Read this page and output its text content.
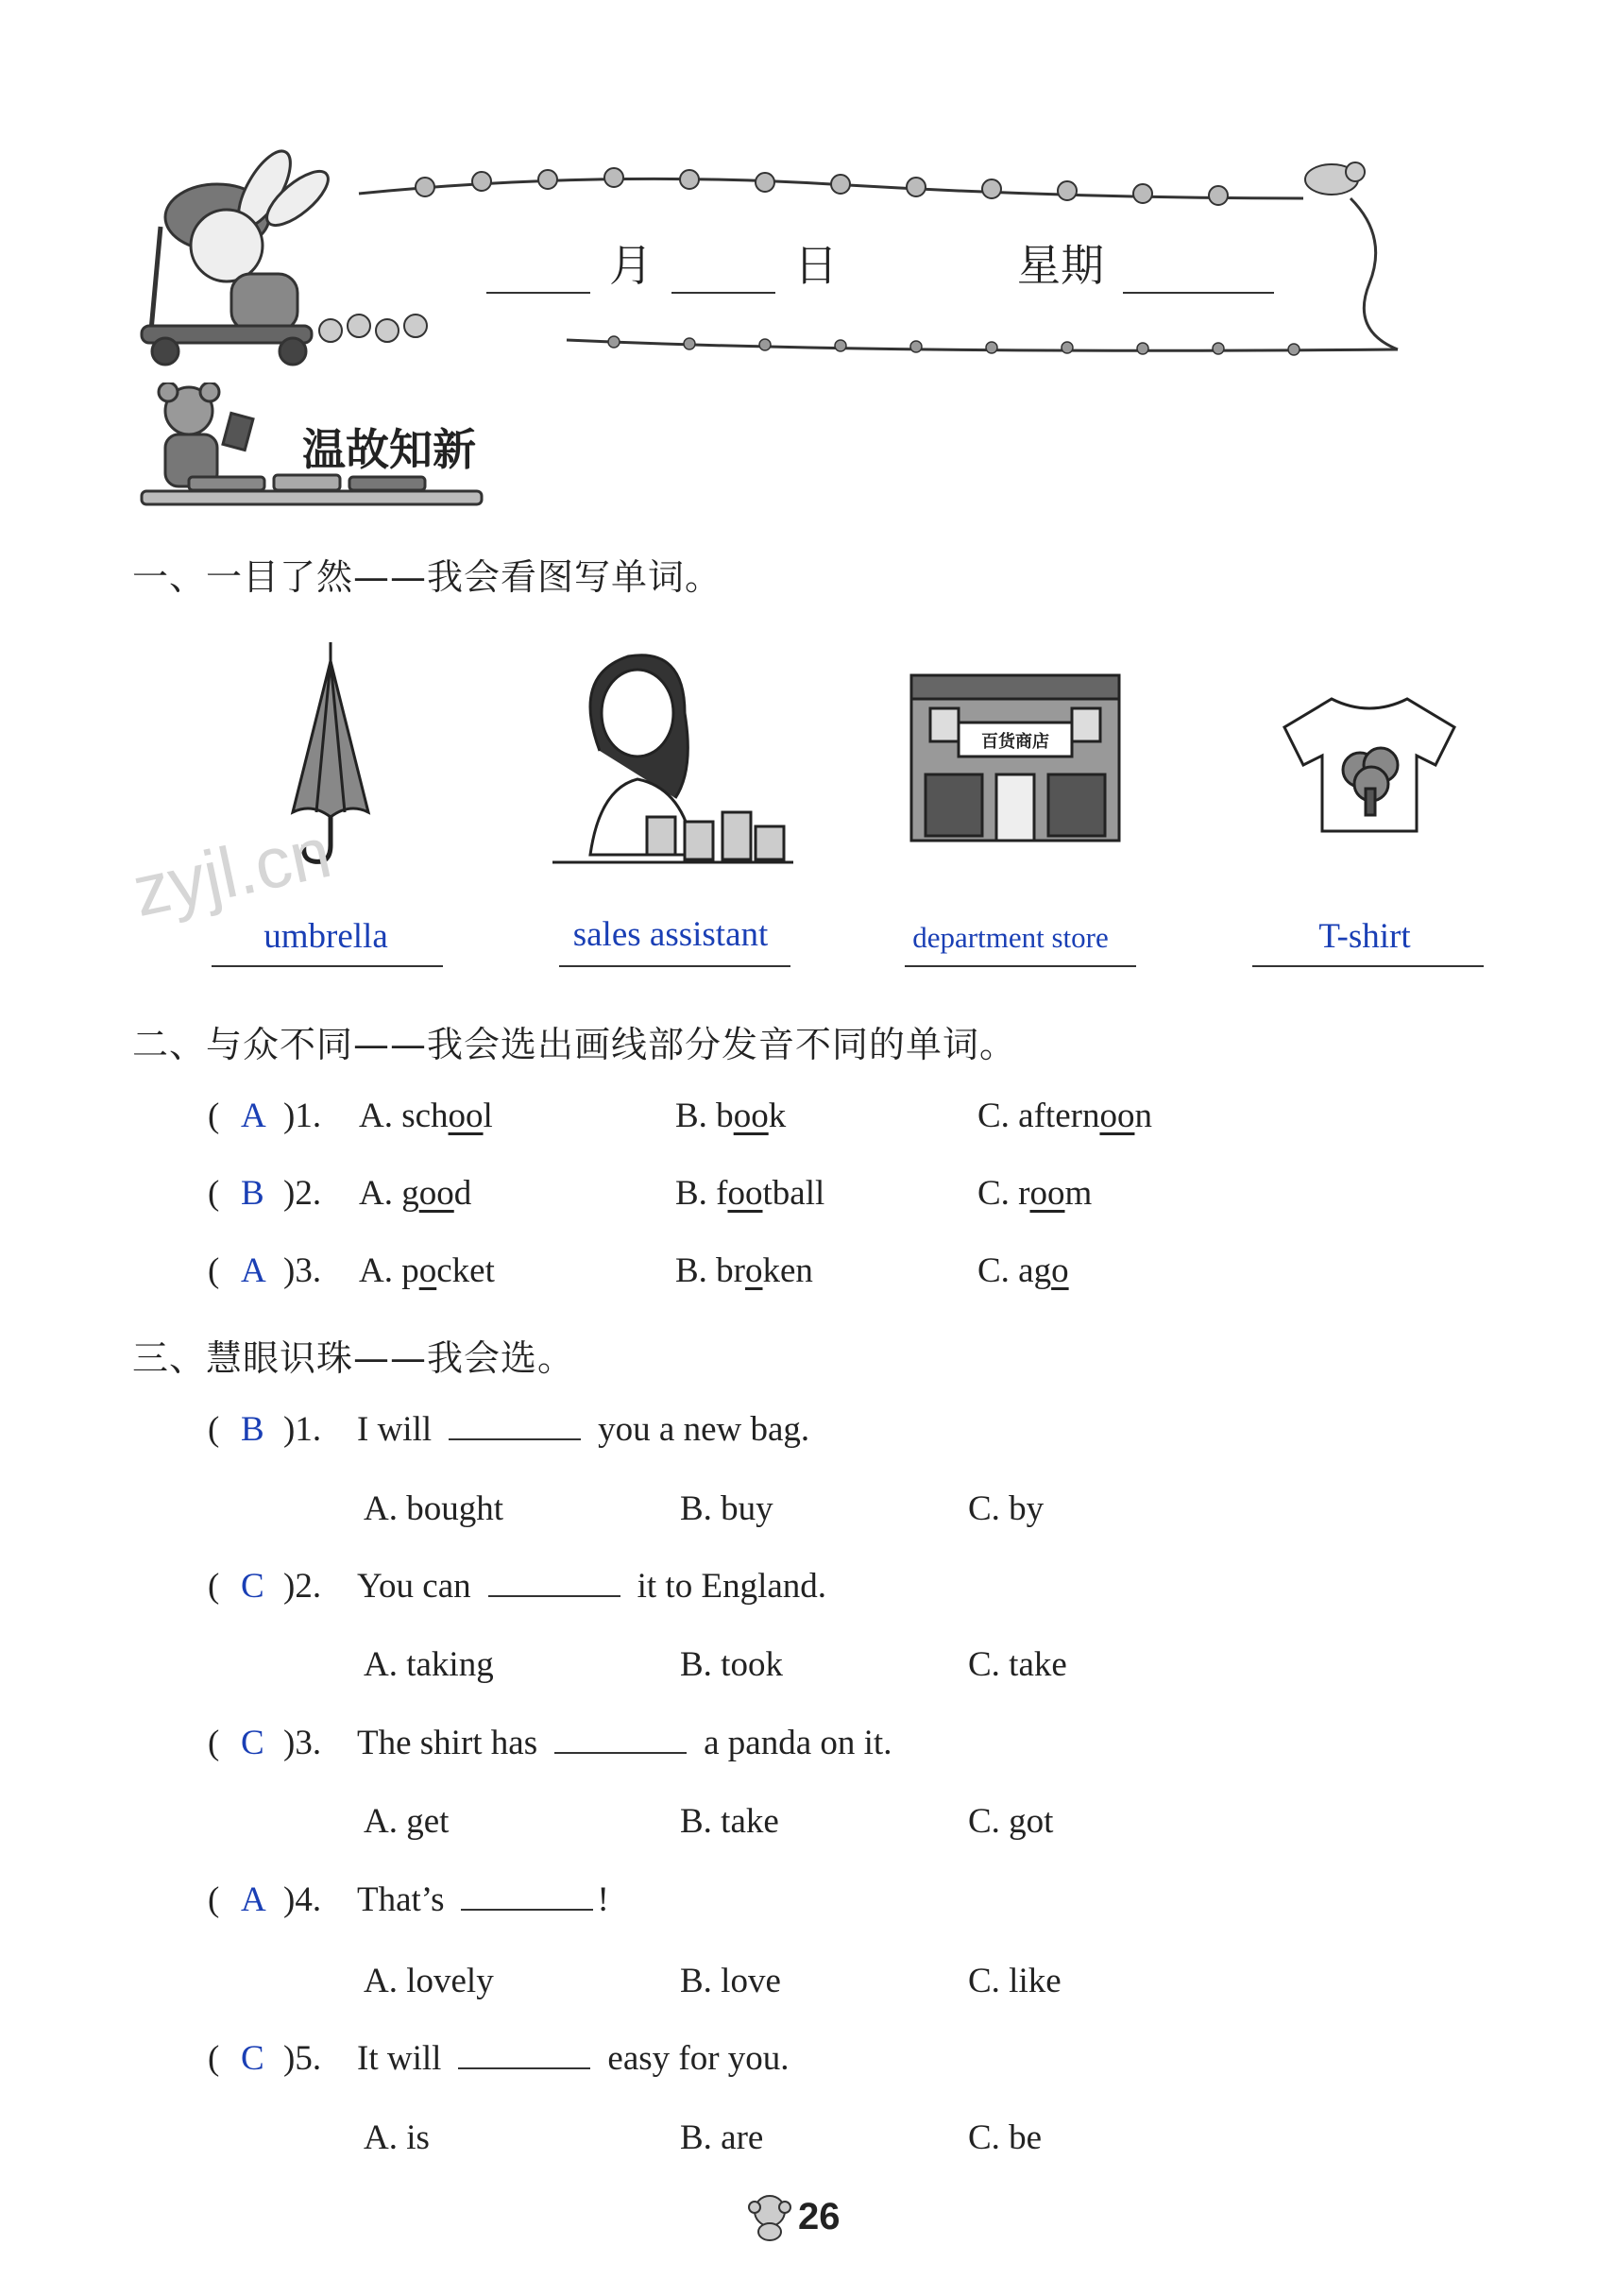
月	日	星期
温故知新
一、一目了然——我会看图写单词。
百货商店
umbrella	sales assistant	department store	T-shirt
zyjl.cn
二、与众不同——我会选出画线部分发音不同的单词。
( A )1. A. school	B. book	C. afternoon
( B )2. A. good	B. football	C. room
( A )3. A. pocket	B. broken	C. ago
三、慧眼识珠——我会选。
( B )1. I will	you a new bag.
A. bought	B. buy	C. by
( C )2. You can	it to England.
A. taking	B. took	C. take
( C )3. The shirt has	a panda on it.
A. get	B. take	C. got
( A )4. That’s	!
A. lovely	B. love	C. like
( C )5. It will	easy for you.
A. is	B. are	C. be
26
